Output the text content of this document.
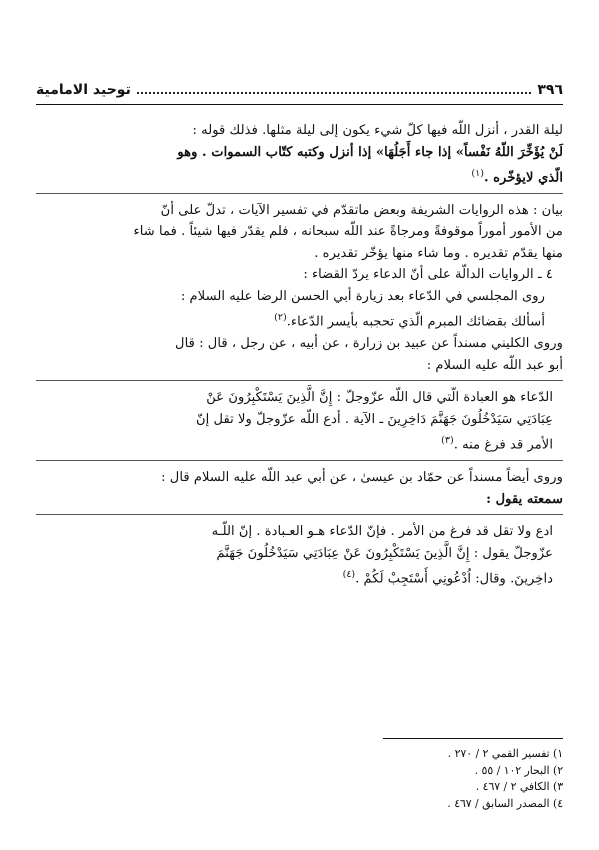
٣٩٦
توحيد الامامية

ليلة القدر ، أنزل اللّه فيها كلّ شيء يكون إلى ليلة مثلها. فذلك قوله :

لَنْ يُؤَخِّرَ اللّهُ نَفْساً» إذا جاء أَجَلُهَا» إذا أنزل وكتبه كتّاب السموات . وهو

الّذي لايؤخّره .$^{(١)}$

بيان : هذه الروايات الشريفة وبعض ماتقدّم في تفسير الآيات ، تدلّ على أنّ

من الأمور أموراً موقوفةً ومرجاةً عند اللّه سبحانه ، فلم يقدّر فيها شيئاً . فما شاء

منها يقدّم تقديره . وما شاء منها يؤخّر تقديره .

٤ ـ الروايات الدالّة على أنّ الدعاء يردّ القضاء :

روى المجلسي في الدّعاء بعد زيارة أبي الحسن الرضا عليه السلام :

أسألك بقضائك المبرم الّذي تحجبه بأيسر الدّعاء.$^{(٢)}$

وروى الكليني مسنداً عن عبيد بن زرارة ، عن أبيه ، عن رجل ، قال : قال

أبو عبد اللّه عليه السلام :

الدّعاء هو العبادة الّتي قال اللّه عزّوجلّ : إِنَّ الَّذِينَ يَسْتَكْبِرُونَ عَنْ

عِبَادَتِي سَيَدْخُلُونَ جَهَنَّمَ دَاخِرِينَ ـ الآية . أدع اللّه عزّوجلّ ولا تقل إنّ

الأمر قد فرغ منه .$^{(٣)}$

وروى أيضاً مسنداً عن حمّاد بن عيسىٰ ، عن أبي عبد اللّه عليه السلام قال :

سمعته يقول :

ادع ولا تقل قد فرغ من الأمر . فإنّ الدّعاء هـو العـبادة . إنّ اللّـه

عزّوجلّ يقول : إِنَّ الَّذِينَ يَسْتَكْبِرُونَ عَنْ عِبَادَتِي سَيَدْخُلُونَ جَهَنَّمَ

داخِرينَ. وقال: اُدْعُونِي أَسْتَجِبْ لَكُمْ .$^{(٤)}$

١) تفسير القمي ٢ / ٢٧٠ .
٢) البحار ١٠٢ / ٥٥ .
٣) الكافي ٢ / ٤٦٧ .
٤) المصدر السابق / ٤٦٧ .
